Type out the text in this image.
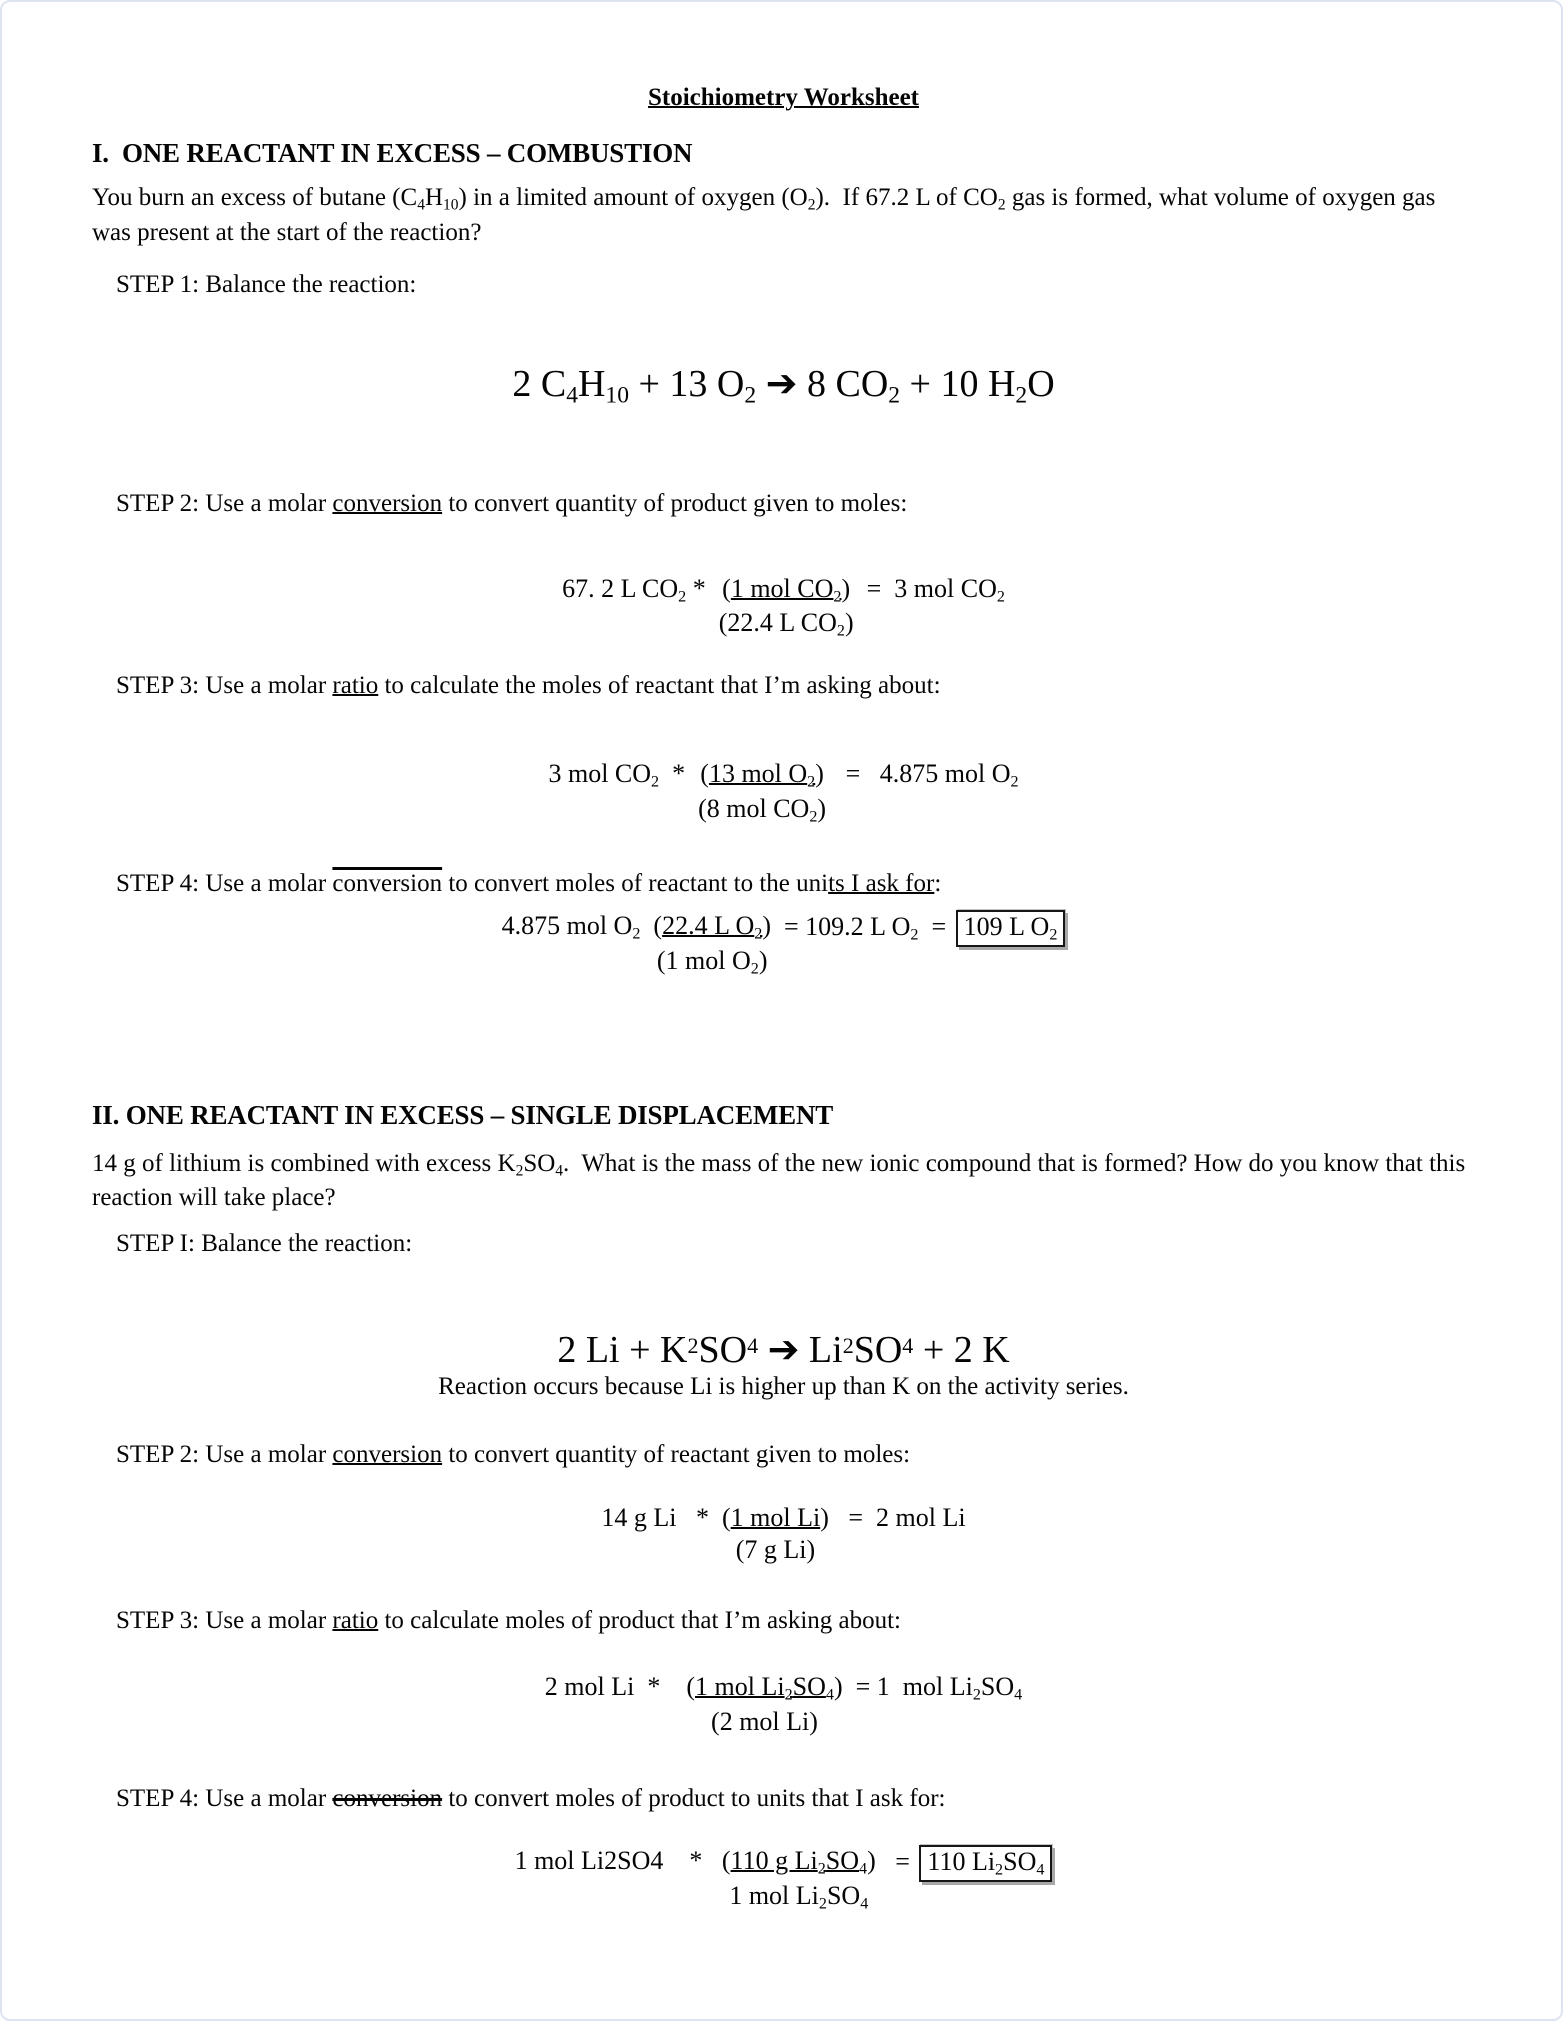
Stoichiometry Worksheet
I.  ONE REACTANT IN EXCESS – COMBUSTION

You burn an excess of butane (C4H10) in a limited amount of oxygen (O2).  If 67.2 L of CO2 gas is formed, what volume of oxygen gas was present at the start of the reaction?

STEP 1: Balance the reaction:

2 C4H10 + 13 O2 ➔ 8 CO2 + 10 H2O

STEP 2: Use a molar conversion to convert quantity of product given to moles:

67. 2 L CO2 * (1 mol CO2)
(22.4 L CO2)
=  3 mol CO2

STEP 3: Use a molar ratio to calculate the moles of reactant that I’m asking about:

3 mol CO2  * (13 mol O2)
(8 mol CO2)
=   4.875 mol O2

STEP 4: Use a molar conversion to convert moles of reactant to the units I ask for:

4.875 mol O2 (22.4 L O2)
(1 mol O2)
= 109.2 L O2  = 109 L O2
II. ONE REACTANT IN EXCESS – SINGLE DISPLACEMENT

14 g of lithium is combined with excess K2SO4.  What is the mass of the new ionic compound that is formed? How do you know that this reaction will take place?

STEP I: Balance the reaction:

2 $Li + K^2SO^4$ ➔ $Li^2SO^4 + 2$ K

Reaction occurs because Li is higher up than K on the activity series.

STEP 2: Use a molar conversion to convert quantity of reactant given to moles:

14 g Li   * (1 mol Li)
(7 g Li)
=  2 mol Li

STEP 3: Use a molar ratio to calculate moles of product that I’m asking about:

2 mol Li  * (1 mol Li2SO4)
(2 mol Li)
= 1  mol Li2SO4

STEP 4: Use a molar conversion to convert moles of product to units that I ask for:

1 mol Li2SO4    * (110 g Li2SO4)
1 mol Li2SO4
= 110 Li2SO4
